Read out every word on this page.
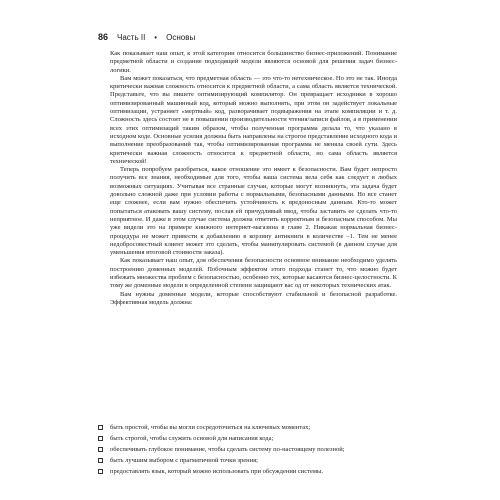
86 Часть II • Основы

Как показывает наш опыт, к этой категории относится большинство бизнес-приложений. Понимание предметной области и создание подходящей модели являются основой для решения задач бизнес-логики.

Вам может показаться, что предметная область — это что-то нетехническое. Но это не так. Иногда критически важная сложность относится к предметной области, а сама область является технической. Представьте, что вы пишете оптимизирующий компилятор. Он превращает исходники в хорошо оптимизированный машинный код, который можно выполнять, при этом он задействует локальные оптимизации, устраняет «мертвый» код, разворачивает подвыражения на этапе компиляции и т. д. Сложность здесь состоит не в повышении производительности чтения/записи файлов, а в применении всех этих оптимизаций таким образом, чтобы полученная программа делала то, что указано в исходном коде. Основные усилия должны быть направлены на строгое представление исходного кода и выполнение преобразований так, чтобы оптимизированная программа не меняла своей сути. Здесь критически важная сложность относится к предметной области, но сама область является технической!

Теперь попробуем разобраться, какое отношение это имеет к безопасности. Вам будет непросто получить все знания, необходимые для того, чтобы ваша система вела себя как следует в любых возможных ситуациях. Учитывая все странные случаи, которые могут возникнуть, эта задача будет довольно сложной даже при условии работы с нормальными, безопасными данными. Но все станет еще сложнее, если вам нужно обеспечить устойчивость к вредоносным данным. Кто-то может попытаться атаковать вашу систему, послав ей причудливый ввод, чтобы заставить ее сделать что-то неприятное. И даже в этом случае система должна ответить корректным и безопасным способом. Мы уже видели это на примере книжного интернет-магазина в главе 2. Никакая нормальная бизнес-процедура не может привести к добавлению в корзину антикниги в количестве –1. Тем не менее недобросовестный клиент может это сделать, чтобы манипулировать системой (в данном случае для уменьшения итоговой стоимости заказа).

Как показывает наш опыт, для обеспечения безопасности основное внимание необходимо уделять построению доменных моделей. Побочным эффектом этого подхода станет то, что можно будет избежать множества проблем с безопасностью, особенно тех, которые касаются бизнес-целостности. К тому же доменные модели в определенной степени защищают вас од от некоторых технических атак.

Вам нужны доменные модели, которые способствуют стабильной и безопасной разработке. Эффективная модель должна:

быть простой, чтобы вы могли сосредоточиться на ключевых моментах;
быть строгой, чтобы служить основой для написания кода;
обеспечивать глубокое понимание, чтобы сделать систему по-настоящему полезной;
быть лучшим выбором с прагматичной точки зрения;
предоставлять язык, который можно использовать при обсуждении системы.
